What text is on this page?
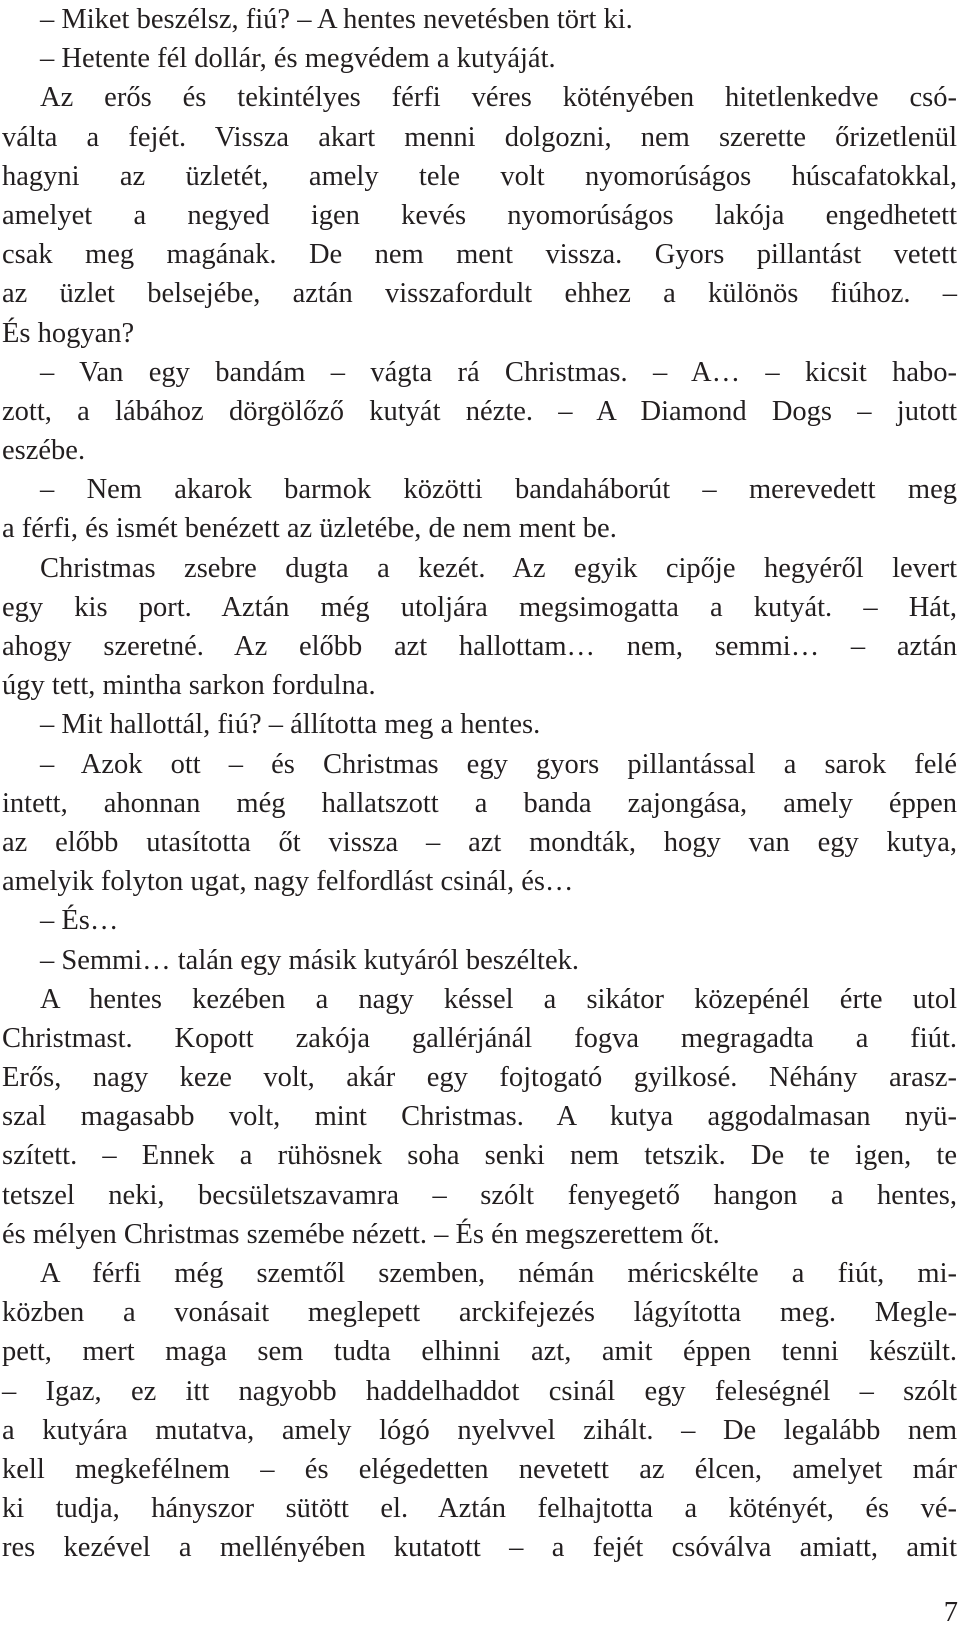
– Miket beszélsz, fiú? – A hentes nevetésben tört ki.
– Hetente fél dollár, és megvédem a kutyáját.
Az erős és tekintélyes férfi véres kötényében hitetlenkedve csó-
válta a fejét. Vissza akart menni dolgozni, nem szerette őrizetlenül
hagyni az üzletét, amely tele volt nyomorúságos húscafatokkal,
amelyet a negyed igen kevés nyomorúságos lakója engedhetett
csak meg magának. De nem ment vissza. Gyors pillantást vetett
az üzlet belsejébe, aztán visszafordult ehhez a különös fiúhoz. –
És hogyan?
– Van egy bandám – vágta rá Christmas. – A… – kicsit habo-
zott, a lábához dörgölőző kutyát nézte. – A Diamond Dogs – jutott
eszébe.
– Nem akarok barmok közötti bandaháborút – merevedett meg
a férfi, és ismét benézett az üzletébe, de nem ment be.
Christmas zsebre dugta a kezét. Az egyik cipője hegyéről levert
egy kis port. Aztán még utoljára megsimogatta a kutyát. – Hát,
ahogy szeretné. Az előbb azt hallottam… nem, semmi… – aztán
úgy tett, mintha sarkon fordulna.
– Mit hallottál, fiú? – állította meg a hentes.
– Azok ott – és Christmas egy gyors pillantással a sarok felé
intett, ahonnan még hallatszott a banda zajongása, amely éppen
az előbb utasította őt vissza – azt mondták, hogy van egy kutya,
amelyik folyton ugat, nagy felfordlást csinál, és…
– És…
– Semmi… talán egy másik kutyáról beszéltek.
A hentes kezében a nagy késsel a sikátor közepénél érte utol
Christmast. Kopott zakója gallérjánál fogva megragadta a fiút.
Erős, nagy keze volt, akár egy fojtogató gyilkosé. Néhány arasz-
szal magasabb volt, mint Christmas. A kutya aggodalmasan nyü-
szített. – Ennek a rühösnek soha senki nem tetszik. De te igen, te
tetszel neki, becsületszavamra – szólt fenyegető hangon a hentes,
és mélyen Christmas szemébe nézett. – És én megszerettem őt.
A férfi még szemtől szemben, némán méricskélte a fiút, mi-
közben a vonásait meglepett arckifejezés lágyította meg. Megle-
pett, mert maga sem tudta elhinni azt, amit éppen tenni készült.
– Igaz, ez itt nagyobb haddelhaddot csinál egy feleségnél – szólt
a kutyára mutatva, amely lógó nyelvvel zihált. – De legalább nem
kell megkefélnem – és elégedetten nevetett az élcen, amelyet már
ki tudja, hányszor sütött el. Aztán felhajtotta a kötényét, és vé-
res kezével a mellényében kutatott – a fejét csóválva amiatt, amit
7
